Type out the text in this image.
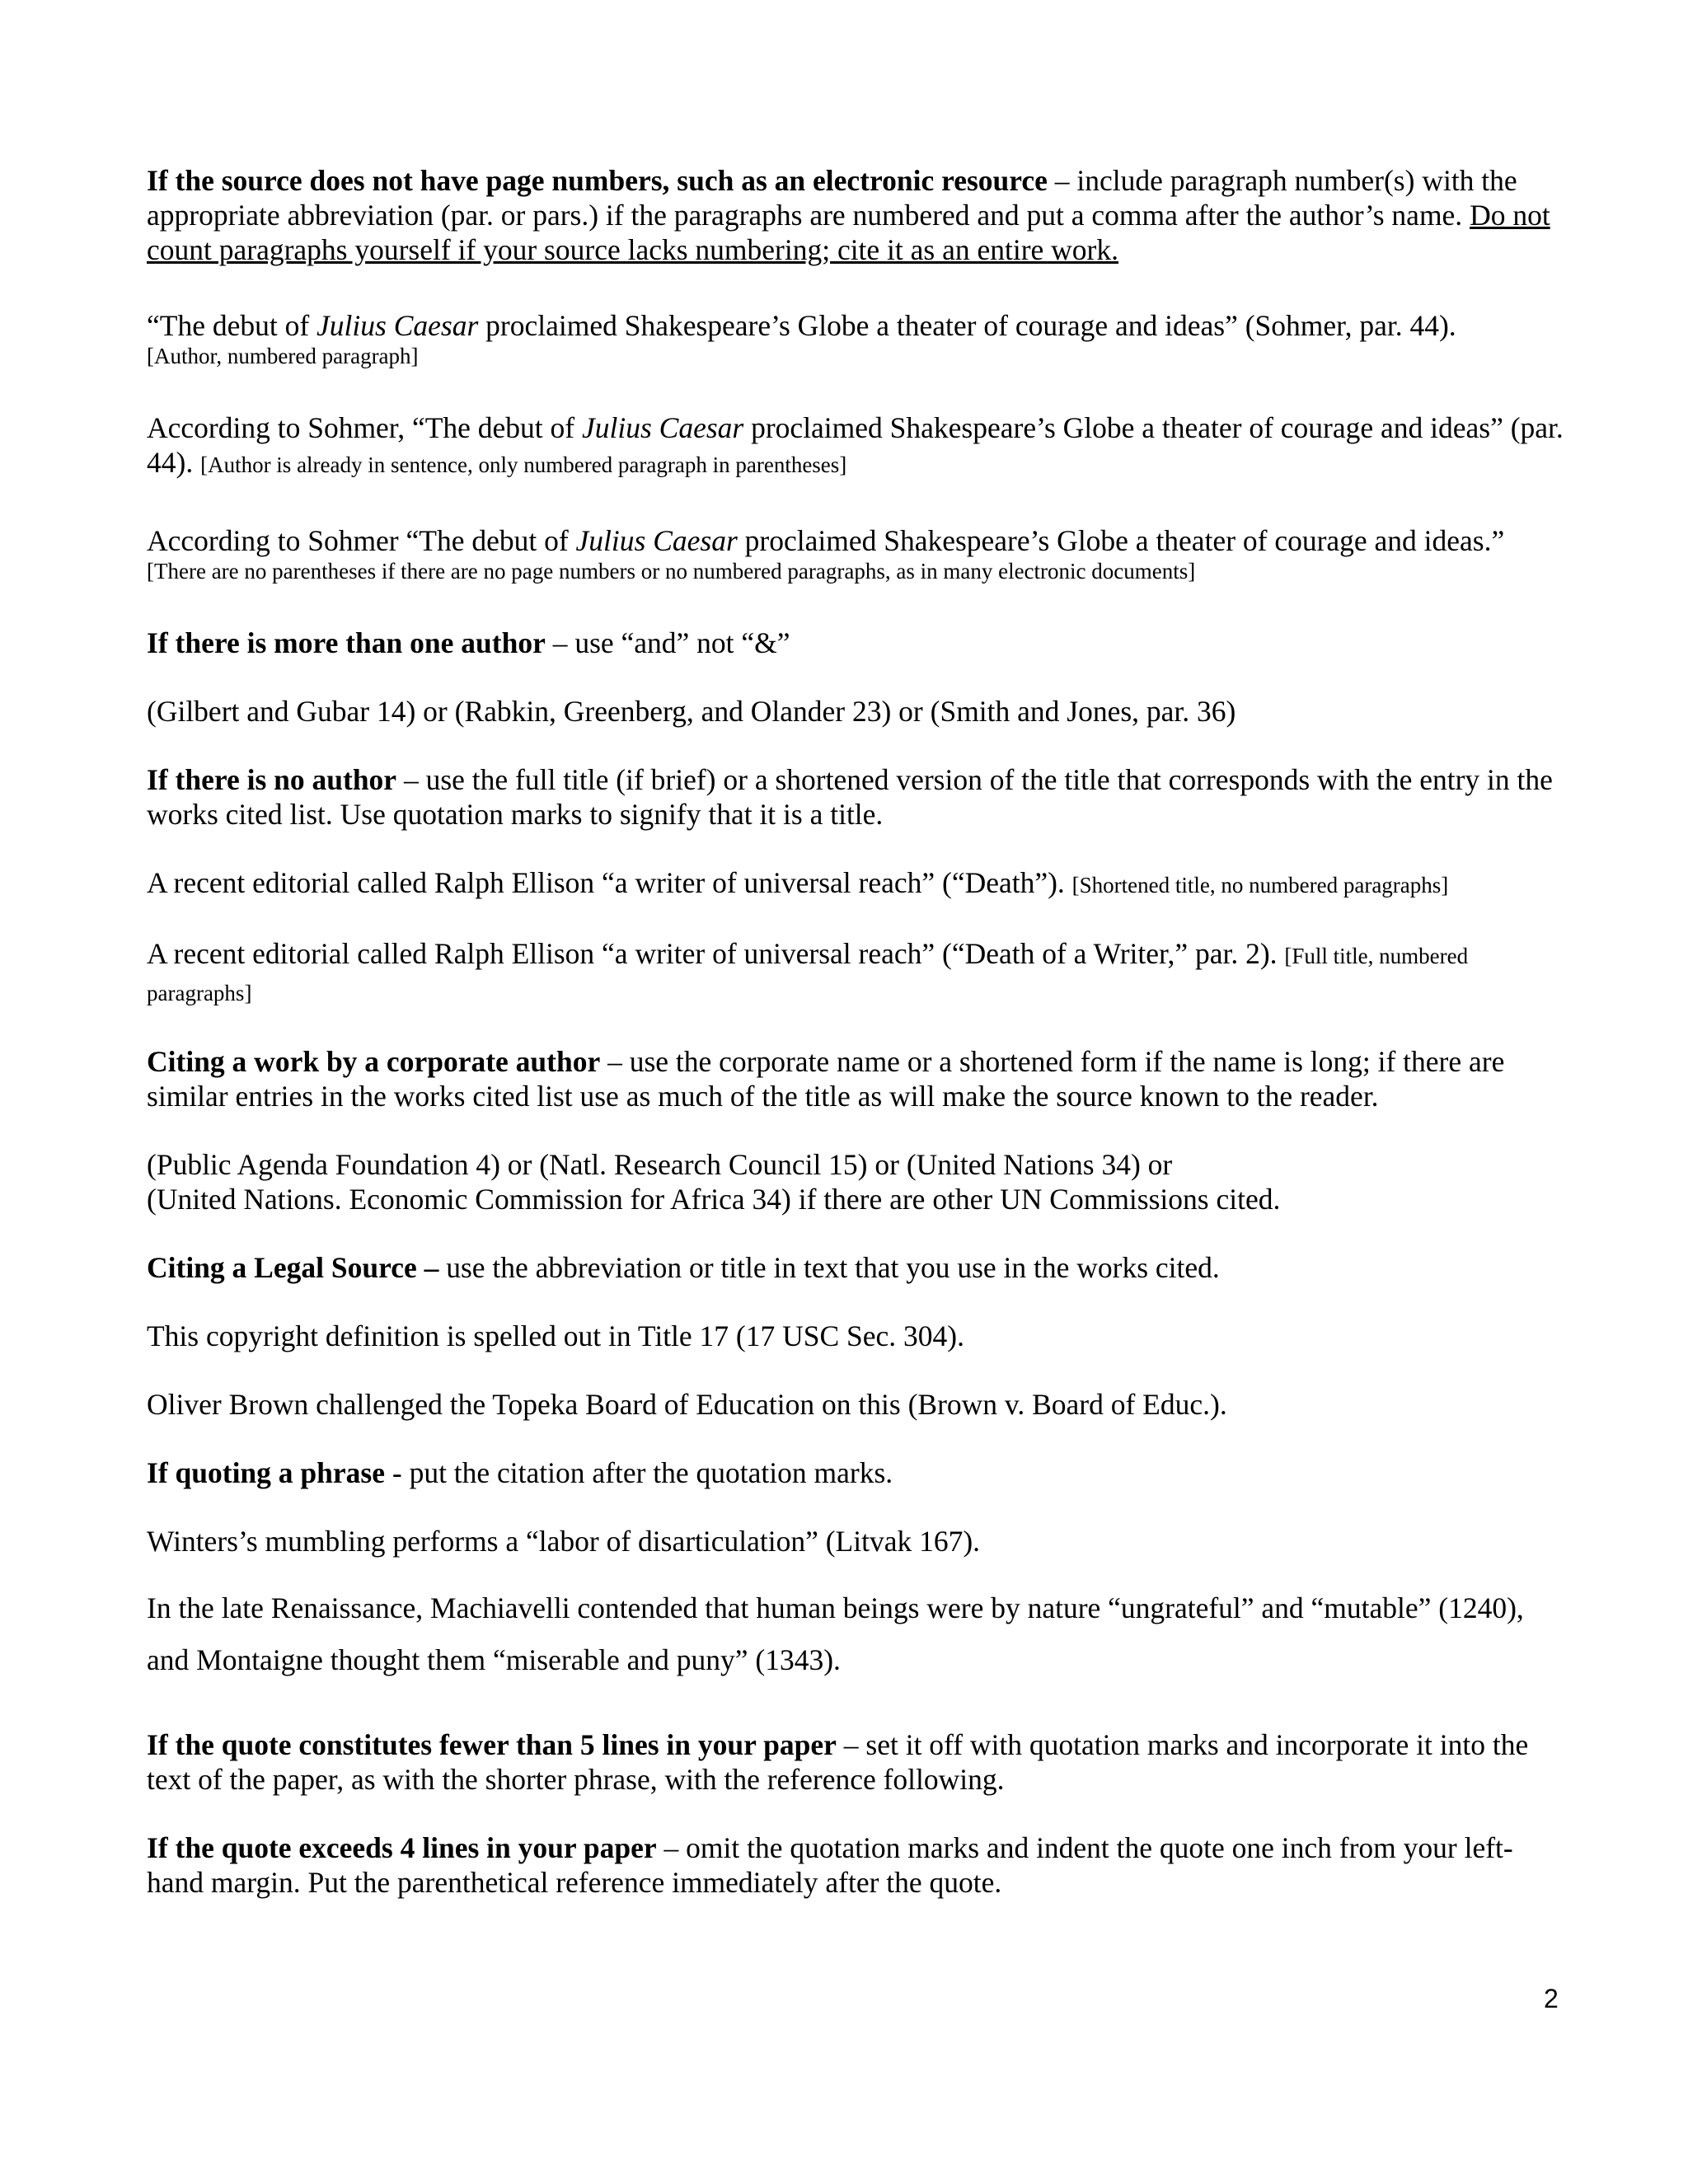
If the source does not have page numbers, such as an electronic resource – include paragraph number(s) with the appropriate abbreviation (par. or pars.) if the paragraphs are numbered and put a comma after the author’s name. Do not count paragraphs yourself if your source lacks numbering; cite it as an entire work.

“The debut of Julius Caesar proclaimed Shakespeare’s Globe a theater of courage and ideas” (Sohmer, par. 44).

[Author, numbered paragraph]

According to Sohmer, “The debut of Julius Caesar proclaimed Shakespeare’s Globe a theater of courage and ideas” (par. 44). [Author is already in sentence, only numbered paragraph in parentheses]

According to Sohmer “The debut of Julius Caesar proclaimed Shakespeare’s Globe a theater of courage and ideas.”

[There are no parentheses if there are no page numbers or no numbered paragraphs, as in many electronic documents]

If there is more than one author – use “and” not “&”

(Gilbert and Gubar 14) or (Rabkin, Greenberg, and Olander 23) or (Smith and Jones, par. 36)

If there is no author – use the full title (if brief) or a shortened version of the title that corresponds with the entry in the works cited list. Use quotation marks to signify that it is a title.

A recent editorial called Ralph Ellison “a writer of universal reach” (“Death”). [Shortened title, no numbered paragraphs]

A recent editorial called Ralph Ellison “a writer of universal reach” (“Death of a Writer,” par. 2). [Full title, numbered paragraphs]

Citing a work by a corporate author – use the corporate name or a shortened form if the name is long; if there are similar entries in the works cited list use as much of the title as will make the source known to the reader.

(Public Agenda Foundation 4) or (Natl. Research Council 15) or (United Nations 34) or

(United Nations. Economic Commission for Africa 34) if there are other UN Commissions cited.

Citing a Legal Source – use the abbreviation or title in text that you use in the works cited.

This copyright definition is spelled out in Title 17 (17 USC Sec. 304).

Oliver Brown challenged the Topeka Board of Education on this (Brown v. Board of Educ.).

If quoting a phrase - put the citation after the quotation marks.

Winters’s mumbling performs a “labor of disarticulation” (Litvak 167).

In the late Renaissance, Machiavelli contended that human beings were by nature “ungrateful” and “mutable” (1240), and Montaigne thought them “miserable and puny” (1343).

If the quote constitutes fewer than 5 lines in your paper – set it off with quotation marks and incorporate it into the text of the paper, as with the shorter phrase, with the reference following.

If the quote exceeds 4 lines in your paper – omit the quotation marks and indent the quote one inch from your left-hand margin. Put the parenthetical reference immediately after the quote.

2
